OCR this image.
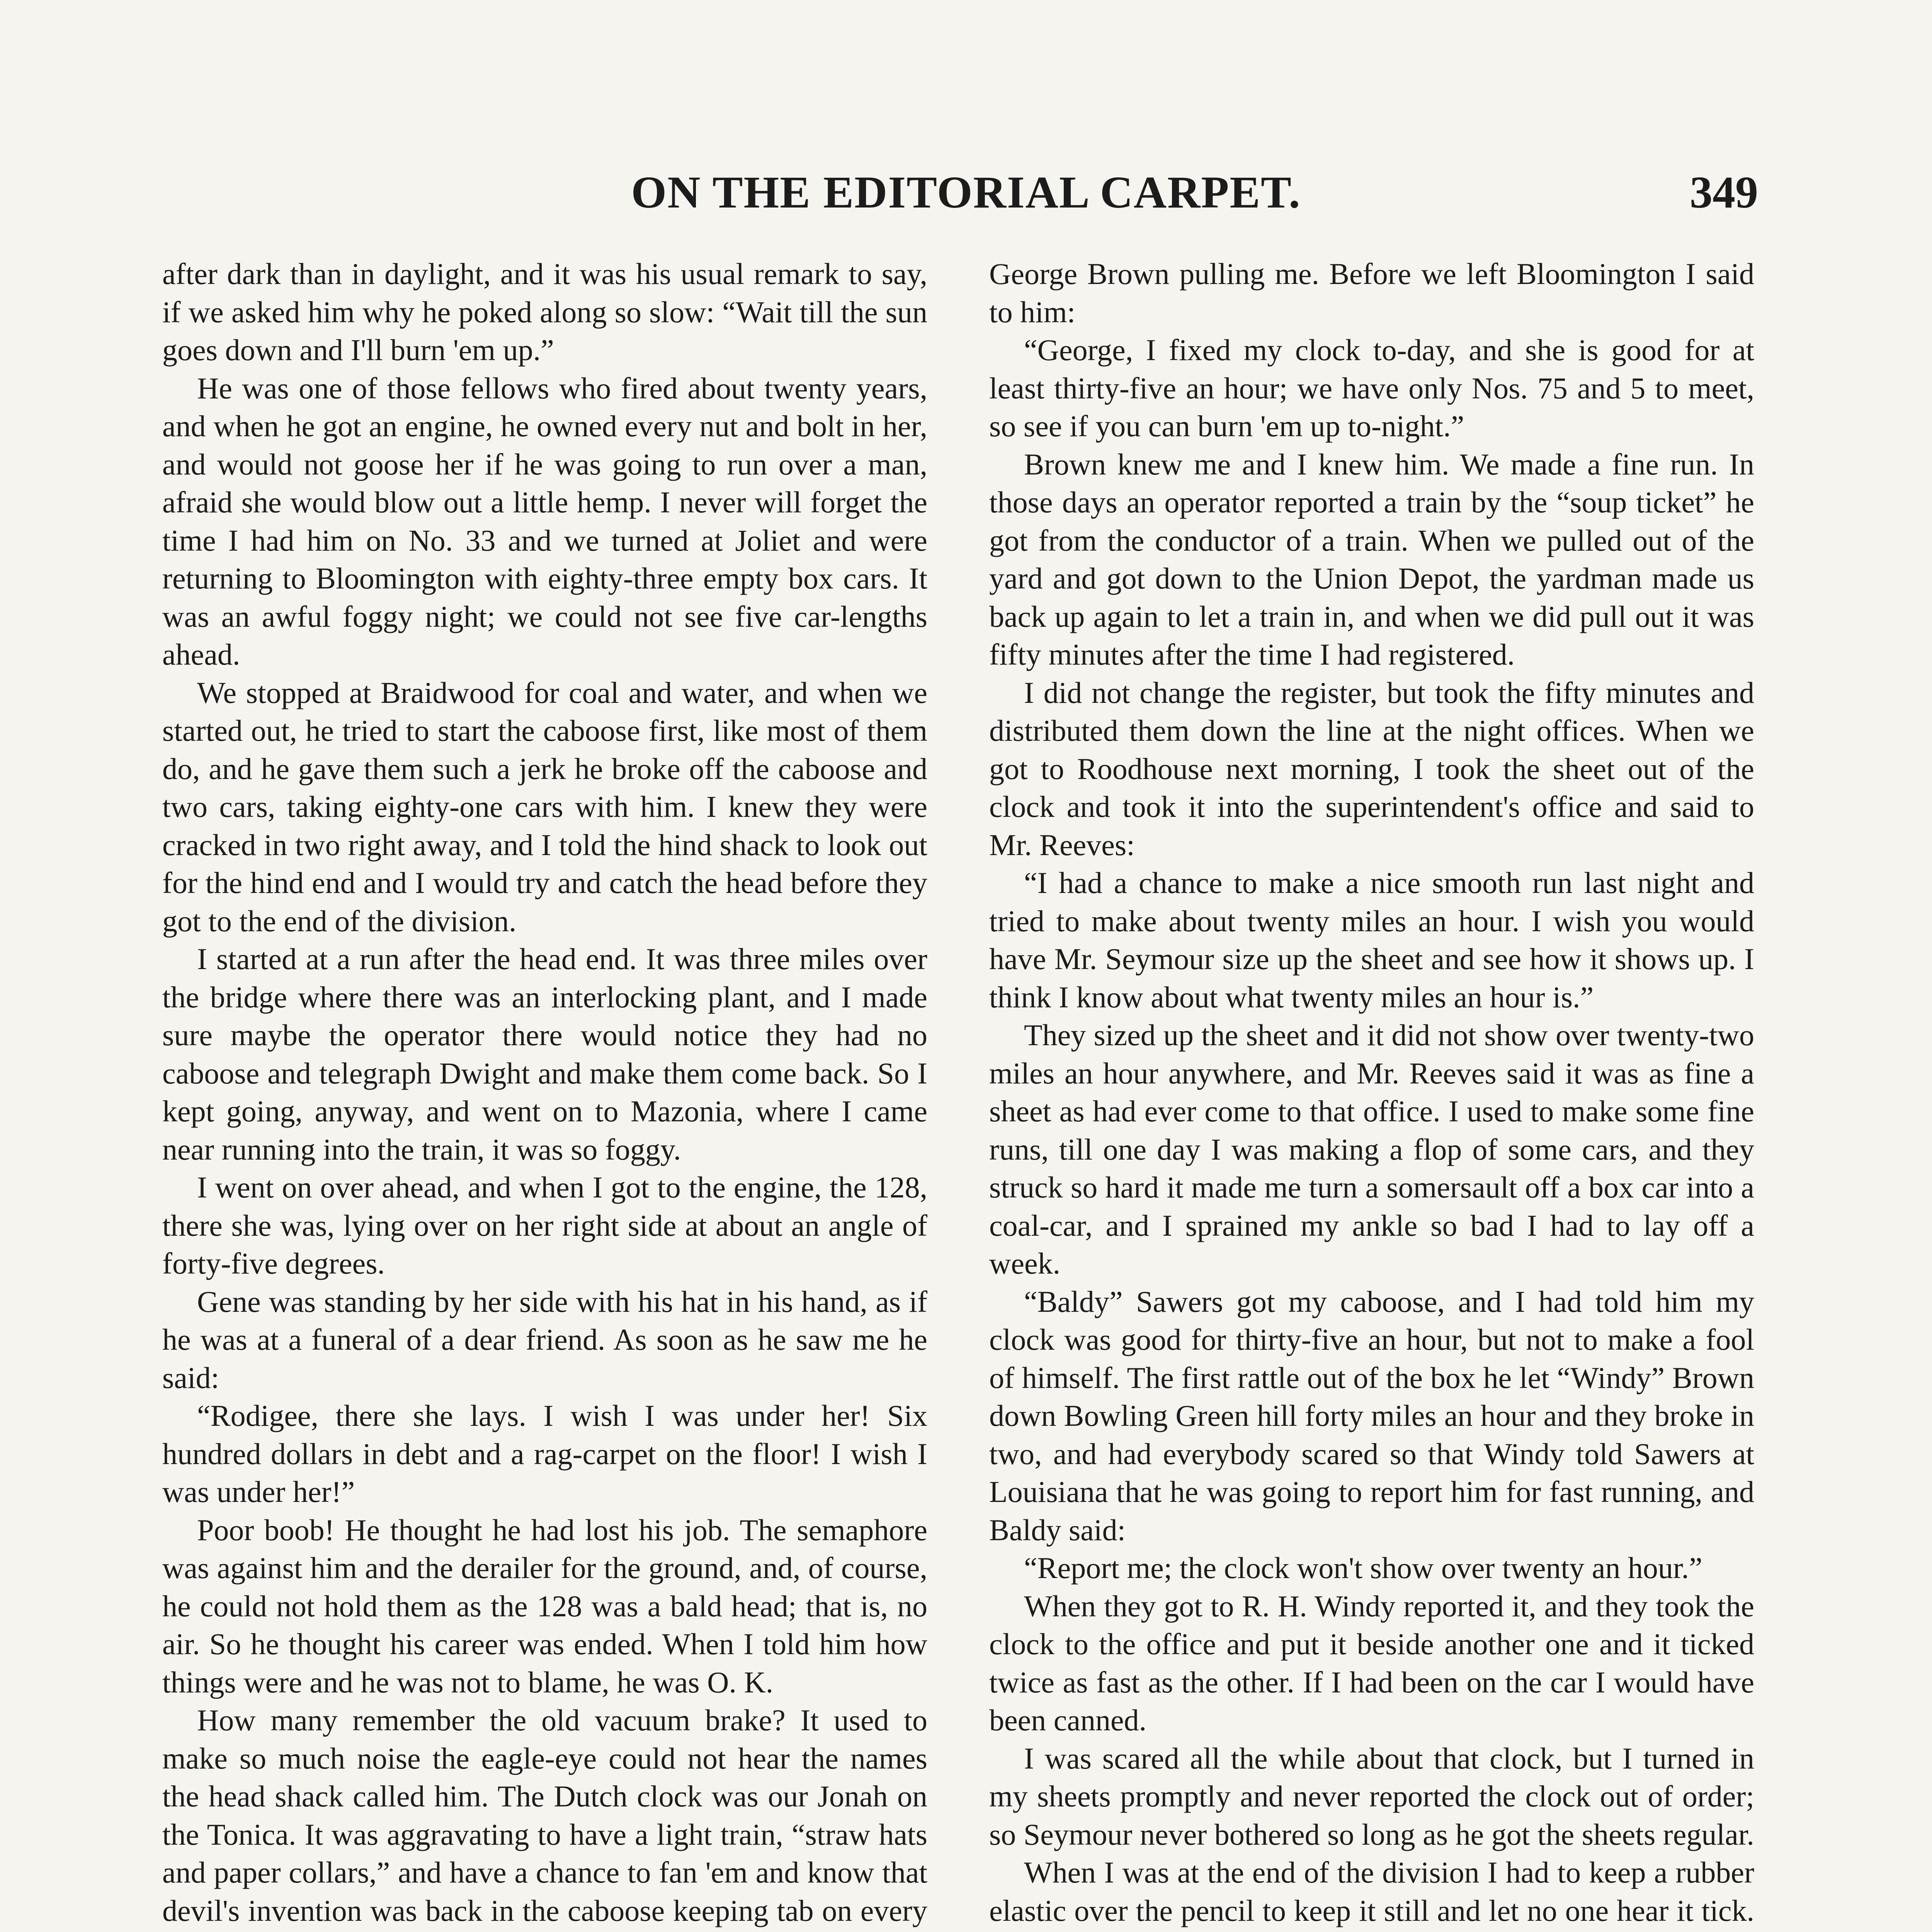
ON THE EDITORIAL CARPET.	349

after dark than in daylight, and it was his usual remark to say, if we asked him why he poked along so slow: “Wait till the sun goes down and I'll burn 'em up.”

He was one of those fellows who fired about twenty years, and when he got an engine, he owned every nut and bolt in her, and would not goose her if he was going to run over a man, afraid she would blow out a little hemp. I never will forget the time I had him on No. 33 and we turned at Joliet and were returning to Bloomington with eighty-three empty box cars. It was an awful foggy night; we could not see five car-lengths ahead.

We stopped at Braidwood for coal and water, and when we started out, he tried to start the caboose first, like most of them do, and he gave them such a jerk he broke off the caboose and two cars, taking eighty-one cars with him. I knew they were cracked in two right away, and I told the hind shack to look out for the hind end and I would try and catch the head before they got to the end of the division.

I started at a run after the head end. It was three miles over the bridge where there was an interlocking plant, and I made sure maybe the operator there would notice they had no caboose and telegraph Dwight and make them come back. So I kept going, anyway, and went on to Mazonia, where I came near running into the train, it was so foggy.

I went on over ahead, and when I got to the engine, the 128, there she was, lying over on her right side at about an angle of forty-five degrees.

Gene was standing by her side with his hat in his hand, as if he was at a funeral of a dear friend. As soon as he saw me he said:

“Rodigee, there she lays. I wish I was under her! Six hundred dollars in debt and a rag-carpet on the floor! I wish I was under her!”

Poor boob! He thought he had lost his job. The semaphore was against him and the derailer for the ground, and, of course, he could not hold them as the 128 was a bald head; that is, no air. So he thought his career was ended. When I told him how things were and he was not to blame, he was O. K.

How many remember the old vacuum brake? It used to make so much noise the eagle-eye could not hear the names the head shack called him. The Dutch clock was our Jonah on the Tonica. It was aggravating to have a light train, “straw hats and paper collars,” and have a chance to fan 'em and know that devil's invention was back in the caboose keeping tab on every

George Brown pulling me. Before we left Bloomington I said to him:

“George, I fixed my clock to-day, and she is good for at least thirty-five an hour; we have only Nos. 75 and 5 to meet, so see if you can burn 'em up to-night.”

Brown knew me and I knew him. We made a fine run. In those days an operator reported a train by the “soup ticket” he got from the conductor of a train. When we pulled out of the yard and got down to the Union Depot, the yardman made us back up again to let a train in, and when we did pull out it was fifty minutes after the time I had registered.

I did not change the register, but took the fifty minutes and distributed them down the line at the night offices. When we got to Roodhouse next morning, I took the sheet out of the clock and took it into the superintendent's office and said to Mr. Reeves:

“I had a chance to make a nice smooth run last night and tried to make about twenty miles an hour. I wish you would have Mr. Seymour size up the sheet and see how it shows up. I think I know about what twenty miles an hour is.”

They sized up the sheet and it did not show over twenty-two miles an hour anywhere, and Mr. Reeves said it was as fine a sheet as had ever come to that office. I used to make some fine runs, till one day I was making a flop of some cars, and they struck so hard it made me turn a somersault off a box car into a coal-car, and I sprained my ankle so bad I had to lay off a week.

“Baldy” Sawers got my caboose, and I had told him my clock was good for thirty-five an hour, but not to make a fool of himself. The first rattle out of the box he let “Windy” Brown down Bowling Green hill forty miles an hour and they broke in two, and had everybody scared so that Windy told Sawers at Louisiana that he was going to report him for fast running, and Baldy said:

“Report me; the clock won't show over twenty an hour.”

When they got to R. H. Windy reported it, and they took the clock to the office and put it beside another one and it ticked twice as fast as the other. If I had been on the car I would have been canned.

I was scared all the while about that clock, but I turned in my sheets promptly and never reported the clock out of order; so Seymour never bothered so long as he got the sheets regular.

When I was at the end of the division I had to keep a rubber elastic over the pencil to keep it still and let no one hear it tick.
